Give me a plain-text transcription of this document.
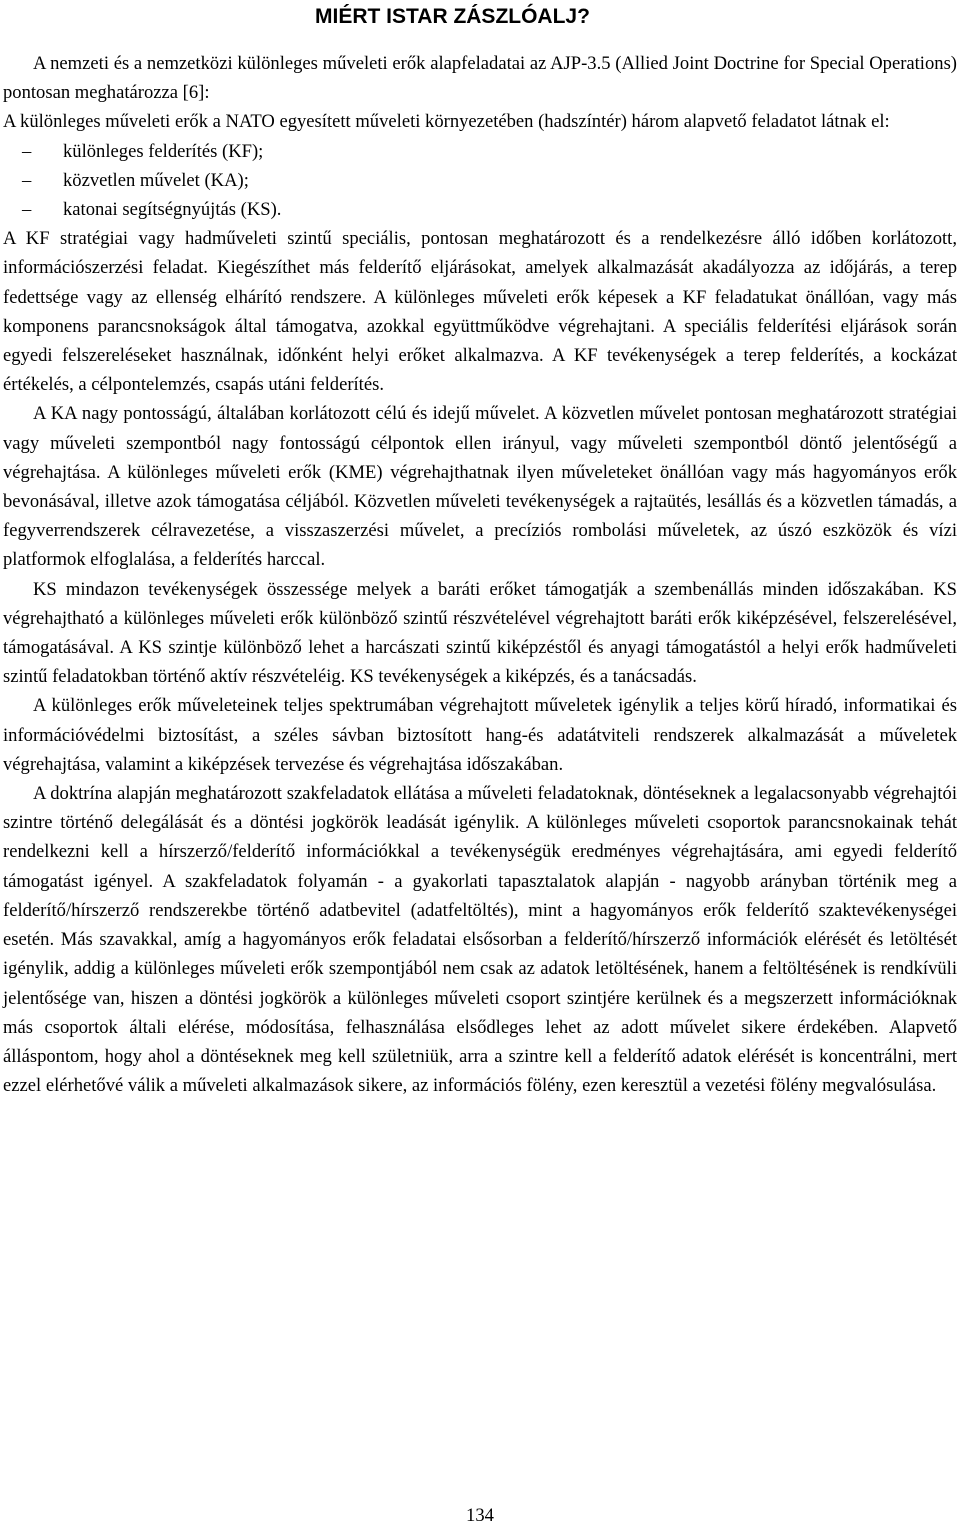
MIÉRT ISTAR ZÁSZLÓALJ?

A nemzeti és a nemzetközi különleges műveleti erők alapfeladatai az AJP-3.5 (Allied Joint Doctrine for Special Operations) pontosan meghatározza [6]:

A különleges műveleti erők a NATO egyesített műveleti környezetében (hadszíntér) három alapvető feladatot látnak el:

– különleges felderítés (KF);
– közvetlen művelet (KA);
– katonai segítségnyújtás (KS).

A KF stratégiai vagy hadműveleti szintű speciális, pontosan meghatározott és a rendelkezésre álló időben korlátozott, információszerzési feladat. Kiegészíthet más felderítő eljárásokat, amelyek alkalmazását akadályozza az időjárás, a terep fedettsége vagy az ellenség elhárító rendszere. A különleges műveleti erők képesek a KF feladatukat önállóan, vagy más komponens parancsnokságok által támogatva, azokkal együttműködve végrehajtani. A speciális felderítési eljárások során egyedi felszereléseket használnak, időnként helyi erőket alkalmazva. A KF tevékenységek a terep felderítés, a kockázat értékelés, a célpontelemzés, csapás utáni felderítés.

A KA nagy pontosságú, általában korlátozott célú és idejű művelet. A közvetlen művelet pontosan meghatározott stratégiai vagy műveleti szempontból nagy fontosságú célpontok ellen irányul, vagy műveleti szempontból döntő jelentőségű a végrehajtása. A különleges műveleti erők (KME) végrehajthatnak ilyen műveleteket önállóan vagy más hagyományos erők bevonásával, illetve azok támogatása céljából. Közvetlen műveleti tevékenységek a rajtaütés, lesállás és a közvetlen támadás, a fegyverrendszerek célravezetése, a visszaszerzési művelet, a precíziós rombolási műveletek, az úszó eszközök és vízi platformok elfoglalása, a felderítés harccal.

KS mindazon tevékenységek összessége melyek a baráti erőket támogatják a szembenállás minden időszakában. KS végrehajtható a különleges műveleti erők különböző szintű részvételével végrehajtott baráti erők kiképzésével, felszerelésével, támogatásával. A KS szintje különböző lehet a harcászati szintű kiképzéstől és anyagi támogatástól a helyi erők hadműveleti szintű feladatokban történő aktív részvételéig. KS tevékenységek a kiképzés, és a tanácsadás.

A különleges erők műveleteinek teljes spektrumában végrehajtott műveletek igénylik a teljes körű híradó, informatikai és információvédelmi biztosítást, a széles sávban biztosított hang-és adatátviteli rendszerek alkalmazását a műveletek végrehajtása, valamint a kiképzések tervezése és végrehajtása időszakában.

A doktrína alapján meghatározott szakfeladatok ellátása a műveleti feladatoknak, döntéseknek a legalacsonyabb végrehajtói szintre történő delegálását és a döntési jogkörök leadását igénylik. A különleges műveleti csoportok parancsnokainak tehát rendelkezni kell a hírszerző/felderítő információkkal a tevékenységük eredményes végrehajtására, ami egyedi felderítő támogatást igényel. A szakfeladatok folyamán - a gyakorlati tapasztalatok alapján - nagyobb arányban történik meg a felderítő/hírszerző rendszerekbe történő adatbevitel (adatfeltöltés), mint a hagyományos erők felderítő szaktevékenységei esetén. Más szavakkal, amíg a hagyományos erők feladatai elsősorban a felderítő/hírszerző információk elérését és letöltését igénylik, addig a különleges műveleti erők szempontjából nem csak az adatok letöltésének, hanem a feltöltésének is rendkívüli jelentősége van, hiszen a döntési jogkörök a különleges műveleti csoport szintjére kerülnek és a megszerzett információknak más csoportok általi elérése, módosítása, felhasználása elsődleges lehet az adott művelet sikere érdekében. Alapvető álláspontom, hogy ahol a döntéseknek meg kell születniük, arra a szintre kell a felderítő adatok elérését is koncentrálni, mert ezzel elérhetővé válik a műveleti alkalmazások sikere, az információs fölény, ezen keresztül a vezetési fölény megvalósulása.

134
